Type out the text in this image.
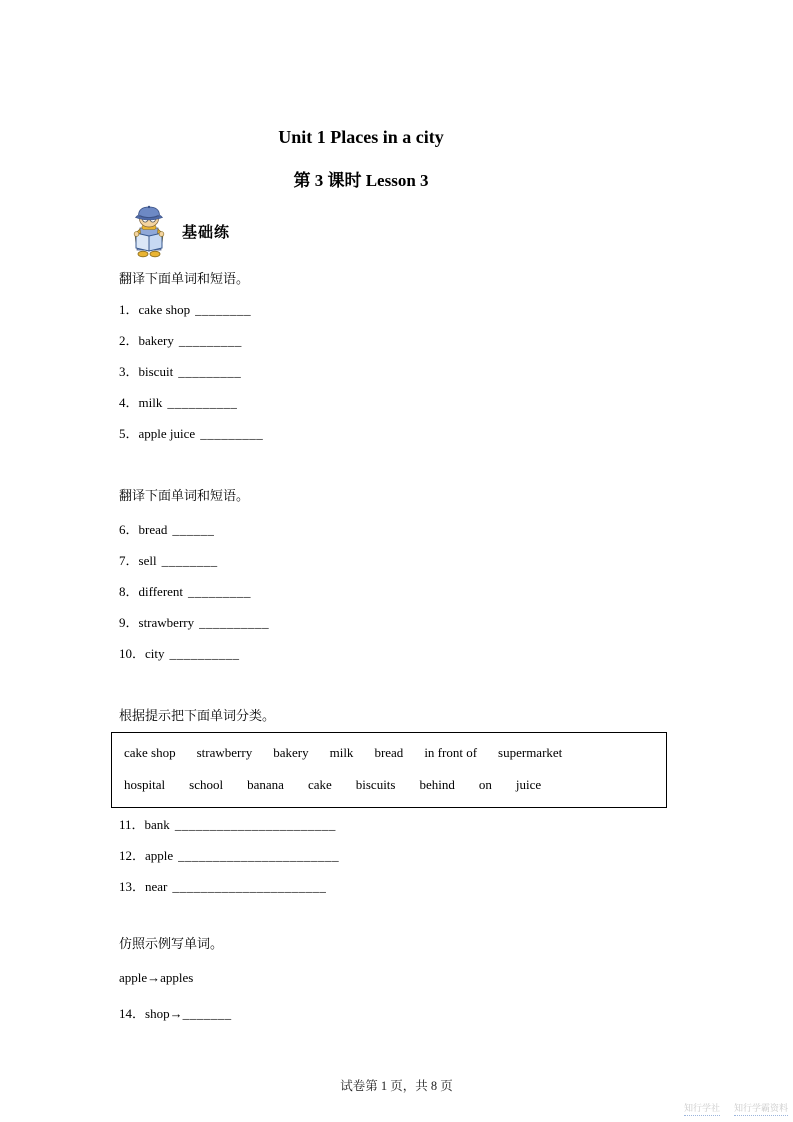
Unit 1 Places in a city
第 3 课时 Lesson 3
基础练

翻译下面单词和短语。

1．cake shop ________

2．bakery _________

3．biscuit _________

4．milk __________

5．apple juice _________

翻译下面单词和短语。

6．bread ______

7．sell ________

8．different _________

9．strawberry __________

10．city __________

根据提示把下面单词分类。

cake shop strawberry bakery milk bread in front of supermarket

hospital school banana cake biscuits behind on juice

11．bank _______________________

12．apple _______________________

13．near ______________________

仿照示例写单词。

apple→apples

14．shop→_______

试卷第 1 页，共 8 页

知行学社 知行学霸资料
